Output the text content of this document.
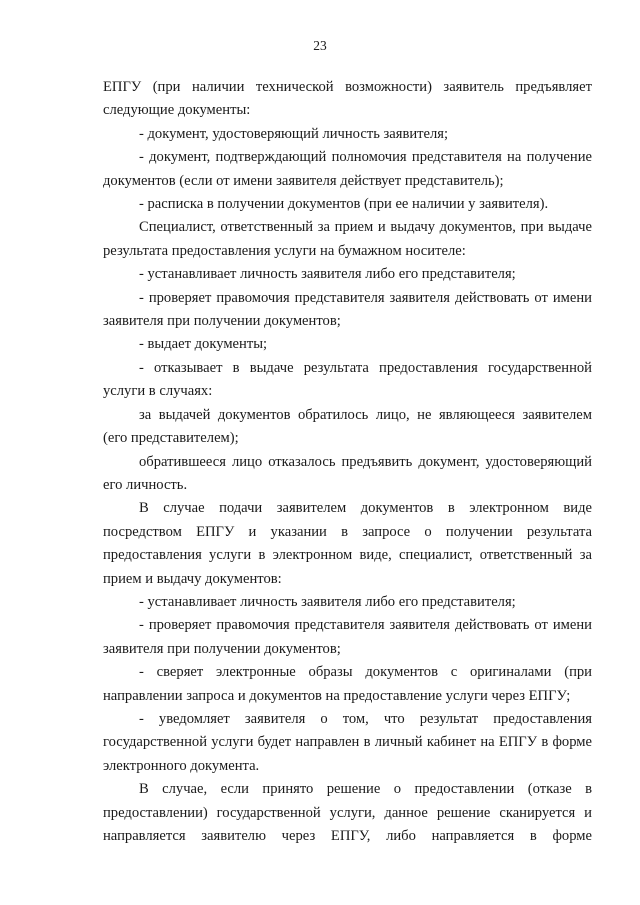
23

ЕПГУ (при наличии технической возможности) заявитель предъявляет следующие документы:

- документ, удостоверяющий личность заявителя;

- документ, подтверждающий полномочия представителя на получение документов (если от имени заявителя действует представитель);

- расписка в получении документов (при ее наличии у заявителя).

Специалист, ответственный за прием и выдачу документов, при выдаче результата предоставления услуги на бумажном носителе:

- устанавливает личность заявителя либо его представителя;

- проверяет правомочия представителя заявителя действовать от имени заявителя при получении документов;

- выдает документы;

- отказывает в выдаче результата предоставления государственной услуги в случаях:

за выдачей документов обратилось лицо, не являющееся заявителем (его представителем);

обратившееся лицо отказалось предъявить документ, удостоверяющий его личность.

В случае подачи заявителем документов в электронном виде посредством ЕПГУ и указании в запросе о получении результата предоставления услуги в электронном виде, специалист, ответственный за прием и выдачу документов:

- устанавливает личность заявителя либо его представителя;

- проверяет правомочия представителя заявителя действовать от имени заявителя при получении документов;

- сверяет электронные образы документов с оригиналами (при направлении запроса и документов на предоставление услуги через ЕПГУ;

- уведомляет заявителя о том, что результат предоставления государственной услуги будет направлен в личный кабинет на ЕПГУ в форме электронного документа.

В случае, если принято решение о предоставлении (отказе в предоставлении) государственной услуги, данное решение сканируется и направляется заявителю через ЕПГУ, либо направляется в форме
